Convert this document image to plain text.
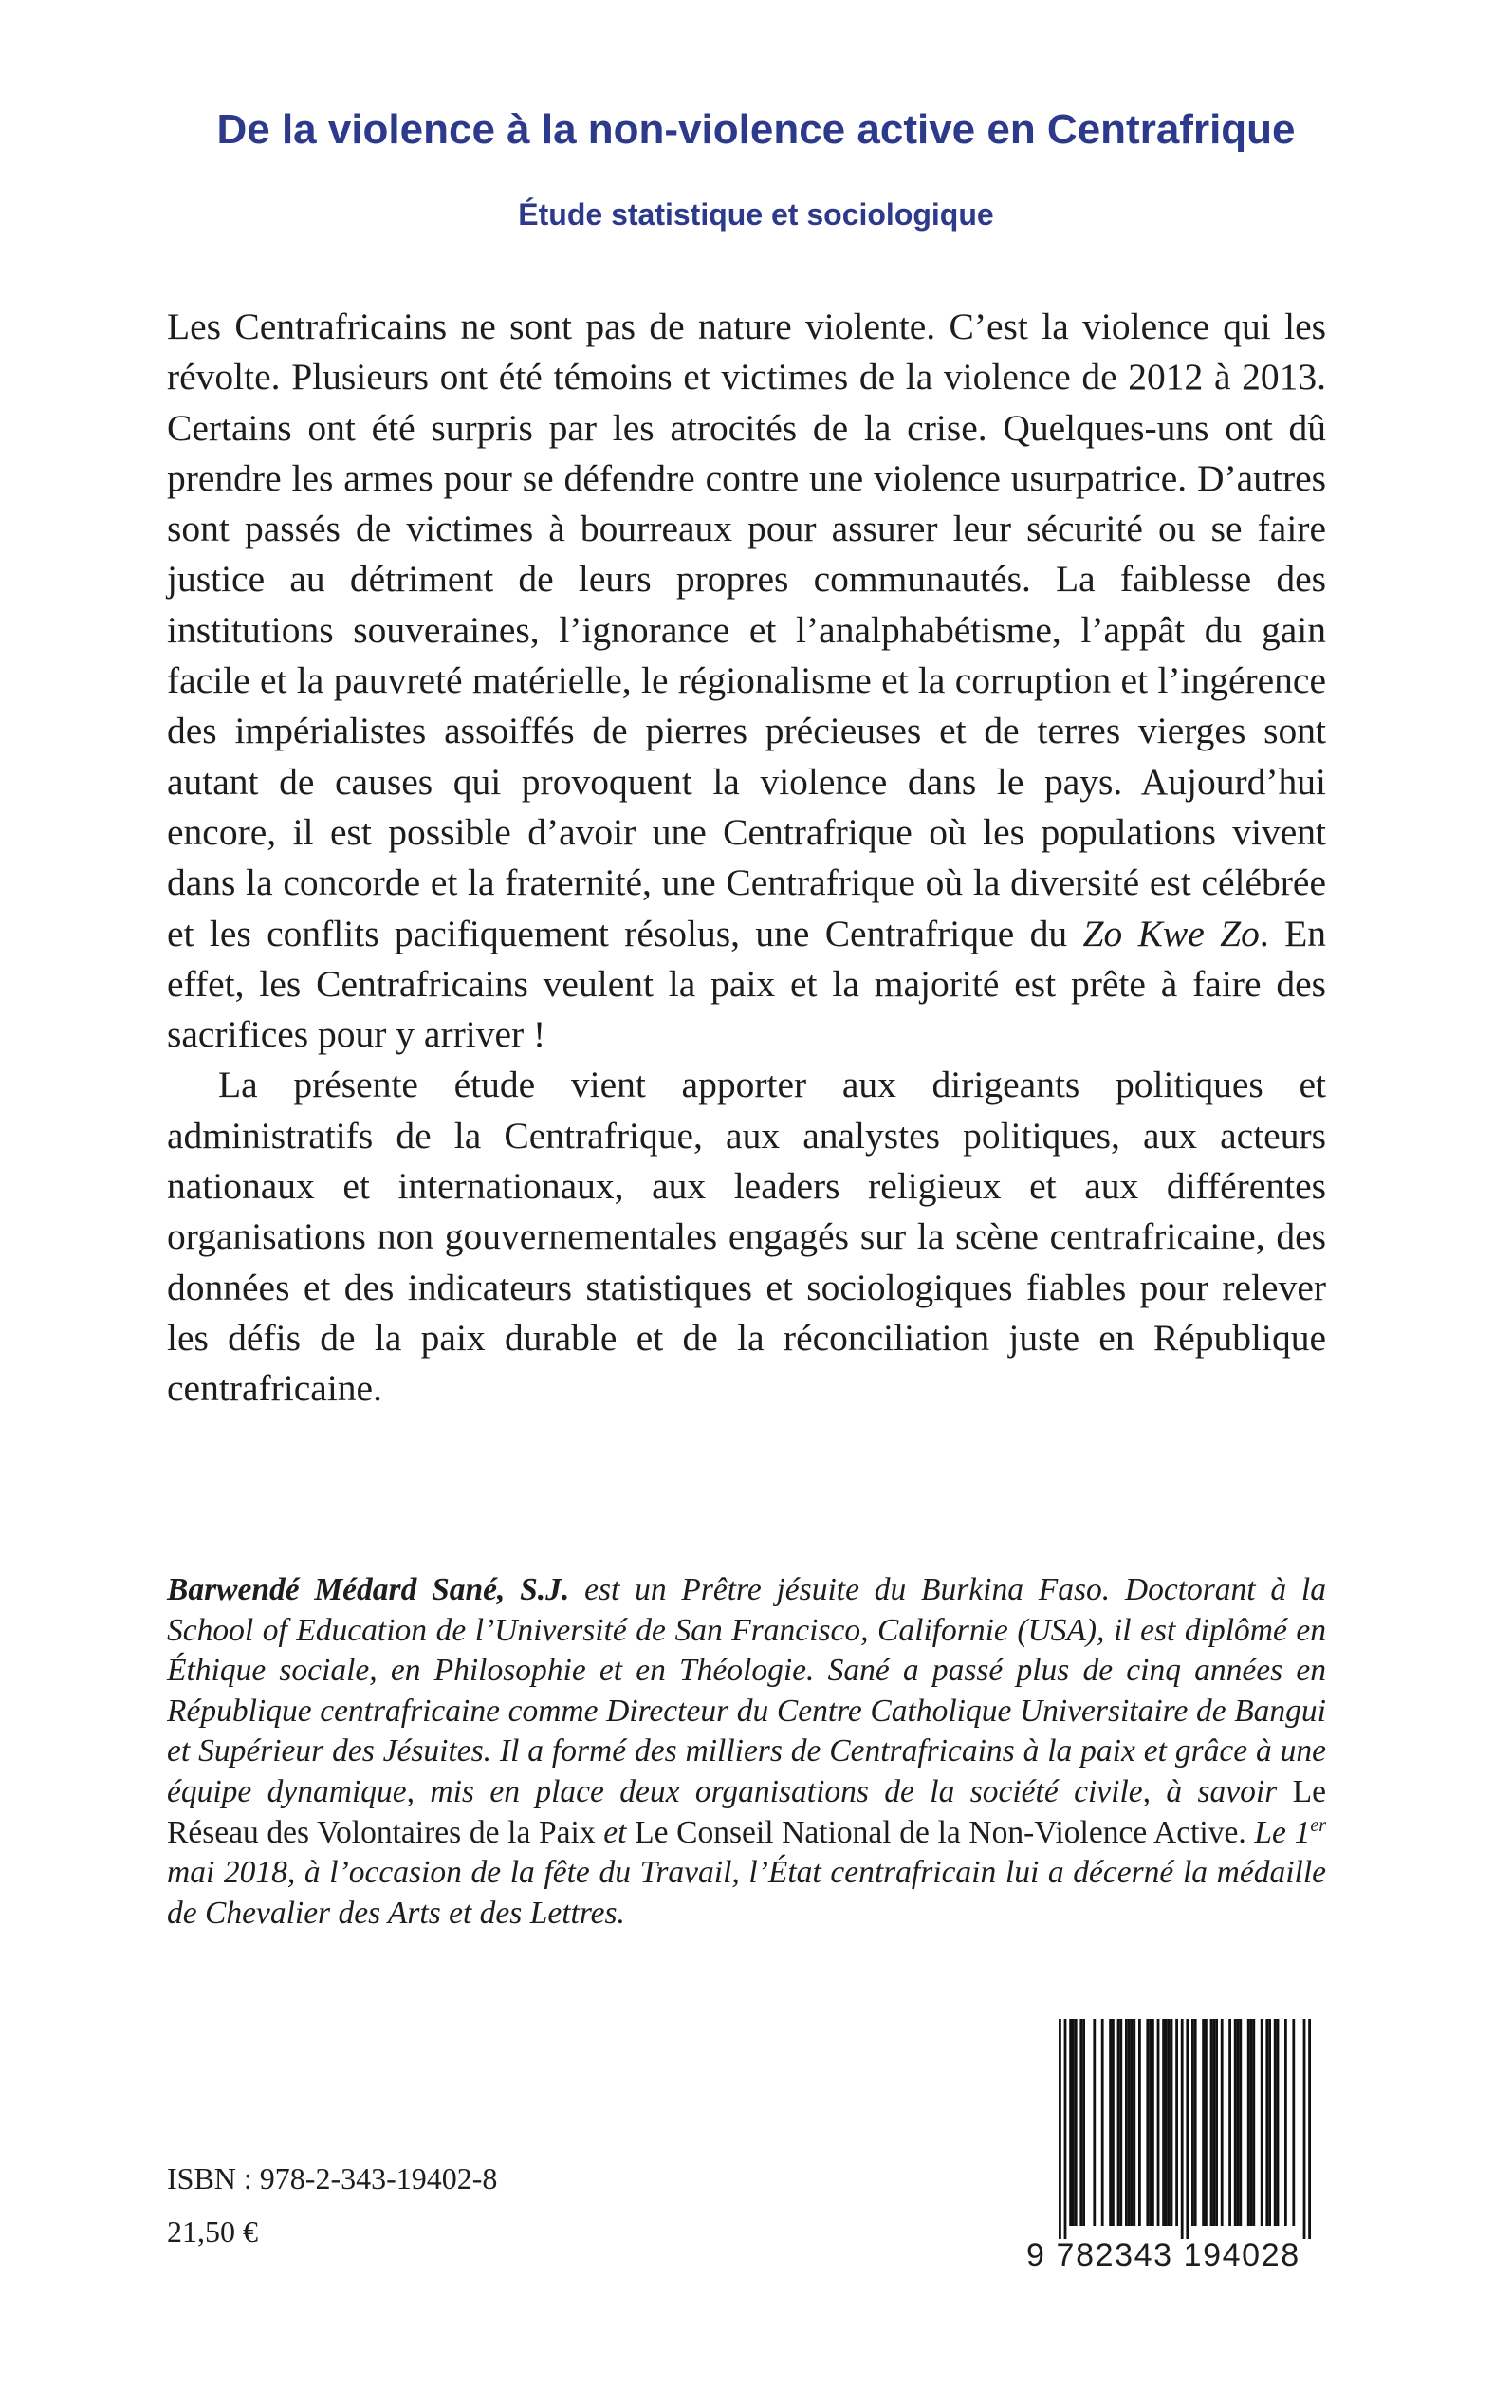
De la violence à la non-violence active en Centrafrique
Étude statistique et sociologique

Les Centrafricains ne sont pas de nature violente. C’est la violence qui les révolte. Plusieurs ont été témoins et victimes de la violence de 2012 à 2013. Certains ont été surpris par les atrocités de la crise. Quelques-uns ont dû prendre les armes pour se défendre contre une violence usurpatrice. D’autres sont passés de victimes à bourreaux pour assurer leur sécurité ou se faire justice au détriment de leurs propres communautés. La faiblesse des institutions souveraines, l’ignorance et l’analphabétisme, l’appât du gain facile et la pauvreté matérielle, le régionalisme et la corruption et l’ingérence des impérialistes assoiffés de pierres précieuses et de terres vierges sont autant de causes qui provoquent la violence dans le pays. Aujourd’hui encore, il est possible d’avoir une Centrafrique où les populations vivent dans la concorde et la fraternité, une Centrafrique où la diversité est célébrée et les conflits pacifiquement résolus, une Centrafrique du Zo Kwe Zo. En effet, les Centrafricains veulent la paix et la majorité est prête à faire des sacrifices pour y arriver !

La présente étude vient apporter aux dirigeants politiques et administratifs de la Centrafrique, aux analystes politiques, aux acteurs nationaux et internationaux, aux leaders religieux et aux différentes organisations non gouvernementales engagés sur la scène centrafricaine, des données et des indicateurs statistiques et sociologiques fiables pour relever les défis de la paix durable et de la réconciliation juste en République centrafricaine.

Barwendé Médard Sané, S.J. est un Prêtre jésuite du Burkina Faso. Doctorant à la School of Education de l’Université de San Francisco, Californie (USA), il est diplômé en Éthique sociale, en Philosophie et en Théologie. Sané a passé plus de cinq années en République centrafricaine comme Directeur du Centre Catholique Universitaire de Bangui et Supérieur des Jésuites. Il a formé des milliers de Centrafricains à la paix et grâce à une équipe dynamique, mis en place deux organisations de la société civile, à savoir Le Réseau des Volontaires de la Paix et Le Conseil National de la Non-Violence Active. Le 1er mai 2018, à l’occasion de la fête du Travail, l’État centrafricain lui a décerné la médaille de Chevalier des Arts et des Lettres.

ISBN : 978-2-343-19402-8

21,50 €

9 782343 194028
